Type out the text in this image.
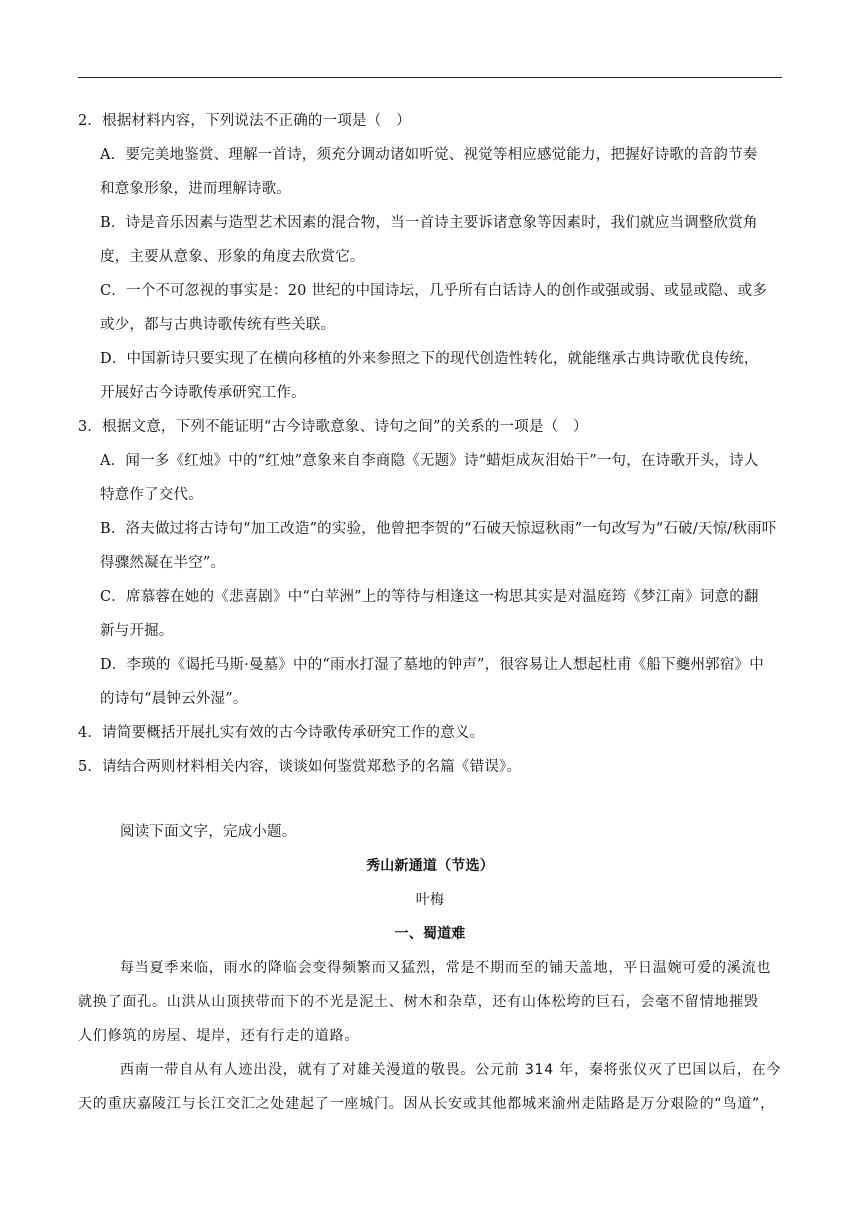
2．根据材料内容，下列说法不正确的一项是（　）
A．要完美地鉴赏、理解一首诗，须充分调动诸如听觉、视觉等相应感觉能力，把握好诗歌的音韵节奏
和意象形象，进而理解诗歌。
B．诗是音乐因素与造型艺术因素的混合物，当一首诗主要诉诸意象等因素时，我们就应当调整欣赏角
度，主要从意象、形象的角度去欣赏它。
C．一个不可忽视的事实是：20 世纪的中国诗坛，几乎所有白话诗人的创作或强或弱、或显或隐、或多
或少，都与古典诗歌传统有些关联。
D．中国新诗只要实现了在横向移植的外来参照之下的现代创造性转化，就能继承古典诗歌优良传统，
开展好古今诗歌传承研究工作。
3．根据文意，下列不能证明“古今诗歌意象、诗句之间”的关系的一项是（　）
A．闻一多《红烛》中的“红烛”意象来自李商隐《无题》诗“蜡炬成灰泪始干”一句，在诗歌开头，诗人
特意作了交代。
B．洛夫做过将古诗句“加工改造”的实验，他曾把李贺的“石破天惊逗秋雨”一句改写为“石破/天惊/秋雨吓
得骤然凝在半空”。
C．席慕蓉在她的《悲喜剧》中“白苹洲”上的等待与相逢这一构思其实是对温庭筠《梦江南》词意的翻
新与开掘。
D．李瑛的《谒托马斯·曼墓》中的“雨水打湿了墓地的钟声”，很容易让人想起杜甫《船下夔州郭宿》中
的诗句“晨钟云外湿”。
4．请简要概括开展扎实有效的古今诗歌传承研究工作的意义。
5．请结合两则材料相关内容，谈谈如何鉴赏郑愁予的名篇《错误》。
阅读下面文字，完成小题。
秀山新通道（节选）
叶梅
一、蜀道难
每当夏季来临，雨水的降临会变得频繁而又猛烈，常是不期而至的铺天盖地，平日温婉可爱的溪流也
就换了面孔。山洪从山顶挟带而下的不光是泥土、树木和杂草，还有山体松垮的巨石，会毫不留情地摧毁
人们修筑的房屋、堤岸，还有行走的道路。
西南一带自从有人迹出没，就有了对雄关漫道的敬畏。公元前 314 年，秦将张仪灭了巴国以后，在今
天的重庆嘉陵江与长江交汇之处建起了一座城门。因从长安或其他都城来渝州走陆路是万分艰险的“鸟道”，
